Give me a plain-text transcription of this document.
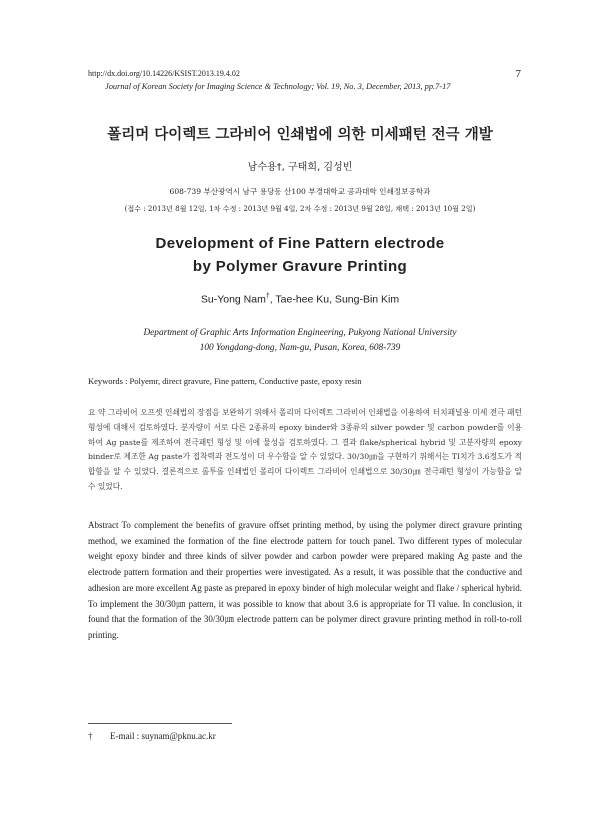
http://dx.doi.org/10.14226/KSIST.2013.19.4.02
Journal of Korean Society for Imaging Science & Technology; Vol. 19, No. 3, December, 2013, pp.7-17
7
폴리머 다이렉트 그라비어 인쇄법에 의한 미세패턴 전극 개발
남수용†, 구태희, 김성빈
608-739 부산광역시 남구 용당동 산100 부경대학교 공과대학 인쇄정보공학과
(접수 : 2013년 8월 12일, 1차 수정 : 2013년 9월 4일, 2차 수정 : 2013년 9월 28일, 채택 : 2013년 10월 2일)
Development of Fine Pattern electrode
by Polymer Gravure Printing
Su-Yong Nam†, Tae-hee Ku, Sung-Bin Kim
Department of Graphic Arts Information Engineering, Pukyong National University
100 Yongdang-dong, Nam-gu, Pusan, Korea, 608-739
Keywords : Polyemr, direct gravure, Fine pattern, Conductive paste, epoxy resin
요 약 그라비어 오프셋 인쇄법의 장점을 보완하기 위해서 폴리머 다이렉트 그라비어 인쇄법을 이용하여 터치패널용 미세 전극 패턴형성에 대해서 검토하였다. 분자량이 서로 다른 2종류의 epoxy binder와 3종류의 silver powder 및 carbon powder를 이용하여 Ag paste를 제조하여 전극패턴 형성 및 이에 물성을 검토하였다. 그 결과 flake/spherical hybrid 및 고분자량의 epoxy binder로 제조한 Ag paste가 접착력과 전도성이 더 우수함을 알 수 있었다. 30/30㎛을 구현하기 위해서는 TI치가 3.6정도가 적합함을 알 수 있었다. 결론적으로 롤투롤 인쇄법인 폴리머 다이렉트 그라비어 인쇄법으로 30/30㎛ 전극패턴 형성이 가능함을 알 수 있었다.
Abstract To complement the benefits of gravure offset printing method, by using the polymer direct gravure printing method, we examined the formation of the fine electrode pattern for touch panel. Two different types of molecular weight epoxy binder and three kinds of silver powder and carbon powder were prepared making Ag paste and the electrode pattern formation and their properties were investigated. As a result, it was possible that the conductive and adhesion are more excellent Ag paste as prepared in epoxy binder of high molecular weight and flake / spherical hybrid. To implement the 30/30㎛ pattern, it was possible to know that about 3.6 is appropriate for TI value. In conclusion, it found that the formation of the 30/30㎛ electrode pattern can be polymer direct gravure printing method in roll-to-roll printing.
† E-mail : suynam@pknu.ac.kr
